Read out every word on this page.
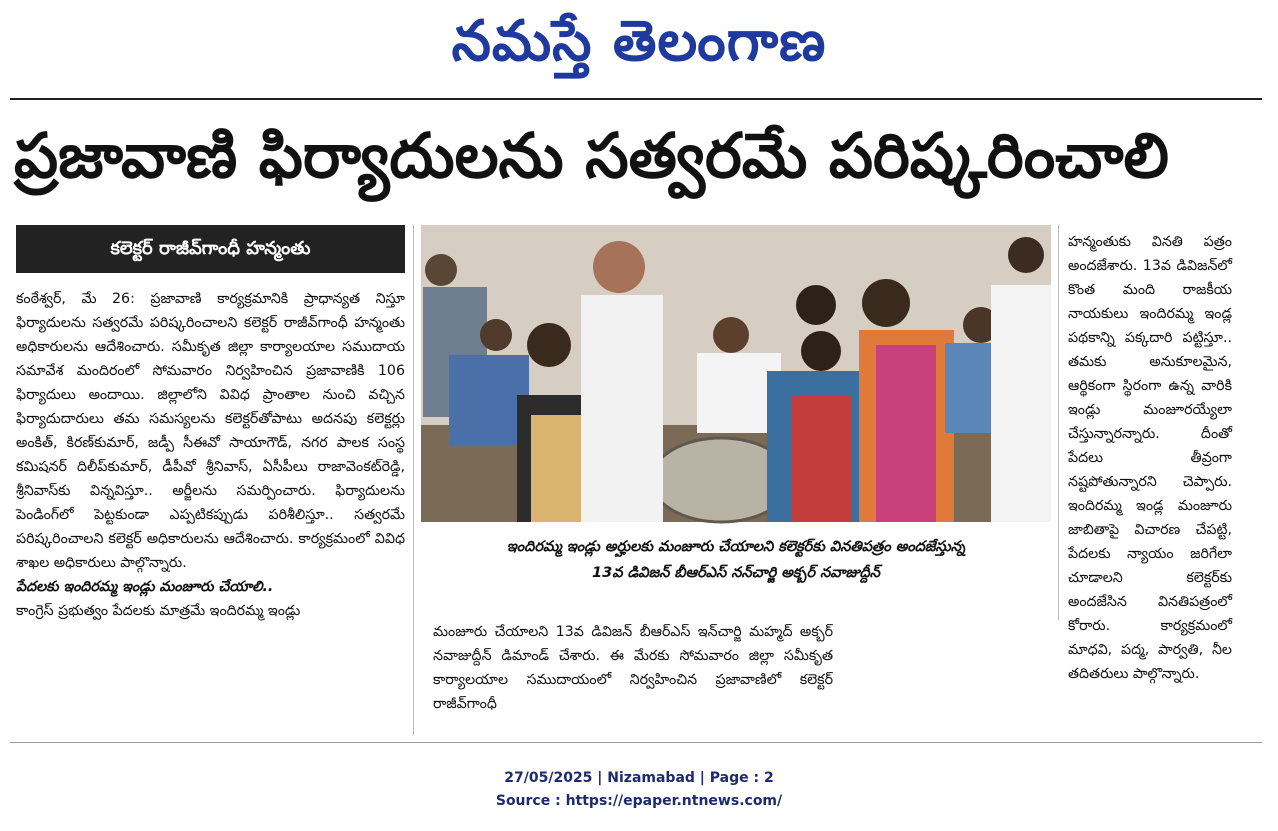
నమస్తే తెలంగాణ
ప్రజావాణి ఫిర్యాదులను సత్వరమే పరిష్కరించాలి
కలెక్టర్ రాజీవ్‌గాంధీ హన్మంతు

కంఠేశ్వర్, మే 26: ప్రజావాణి కార్యక్రమానికి ప్రాధాన్యత నిస్తూ ఫిర్యాదులను సత్వరమే పరిష్కరించాలని కలెక్టర్ రాజీవ్‌గాంధీ హన్మంతు అధికారులను ఆదేశించారు. సమీకృత జిల్లా కార్యాలయాల సముదాయ సమావేశ మందిరంలో సోమవారం నిర్వహించిన ప్రజావాణికి 106 ఫిర్యాదులు అందాయి. జిల్లాలోని వివిధ ప్రాంతాల నుంచి వచ్చిన ఫిర్యాదుదారులు తమ సమస్యలను కలెక్టర్‌తోపాటు అదనపు కలెక్టర్లు అంకిత్, కిరణ్‌కుమార్, జడ్పీ సీఈవో సాయాగౌడ్, నగర పాలక సంస్థ కమిషనర్ దిలీప్‌కుమార్, డీపీవో శ్రీనివాస్, ఏసీపీలు రాజావెంకట్‌రెడ్డి, శ్రీనివాస్‌కు విన్నవిస్తూ.. అర్జీలను సమర్పించారు. ఫిర్యాదులను పెండింగ్‌లో పెట్టకుండా ఎప్పటికప్పుడు పరిశీలిస్తూ.. సత్వరమే పరిష్కరించాలని కలెక్టర్ అధికారులను ఆదేశించారు. కార్యక్రమంలో వివిధ శాఖల అధికారులు పాల్గొన్నారు.

పేదలకు ఇందిరమ్మ ఇండ్లు మంజూరు చేయాలి..

కాంగ్రెస్ ప్రభుత్వం పేదలకు మాత్రమే ఇందిరమ్మ ఇండ్లు

ఇందిరమ్మ ఇండ్లు అర్హులకు మంజూరు చేయాలని కలెక్టర్‌కు వినతిపత్రం అందజేస్తున్న
13వ డివిజన్ బీఆర్ఎస్ నన్‌చార్జి అక్బర్ నవాజుద్దీన్

హన్మంతుకు వినతి పత్రం అందజేశారు. 13వ డివిజన్‌లో కొంత మంది రాజకీయ నాయకులు ఇందిరమ్మ ఇండ్ల పథకాన్ని పక్కదారి పట్టిస్తూ.. తమకు అనుకూలమైన, ఆర్థికంగా స్థిరంగా ఉన్న వారికి ఇండ్లు మంజూరయ్యేలా చేస్తున్నారన్నారు. దీంతో పేదలు తీవ్రంగా నష్టపోతున్నారని చెప్పారు. ఇందిరమ్మ ఇండ్ల మంజూరు జాబితాపై విచారణ చేపట్టి, పేదలకు న్యాయం జరిగేలా చూడాలని కలెక్టర్‌కు అందజేసిన వినతిపత్రంలో కోరారు. కార్యక్రమంలో మాధవి, పద్మ, పార్వతి, నీల తదితరులు పాల్గొన్నారు.

మంజూరు చేయాలని 13వ డివిజన్ బీఆర్ఎస్ ఇన్‌చార్జి మహ్మద్ అక్బర్ నవాజుద్దీన్ డిమాండ్ చేశారు. ఈ మేరకు సోమవారం జిల్లా సమీకృత కార్యాలయాల సముదాయంలో నిర్వహించిన ప్రజావాణిలో కలెక్టర్ రాజీవ్‌గాంధీ

27/05/2025 | Nizamabad | Page : 2
Source : https://epaper.ntnews.com/
